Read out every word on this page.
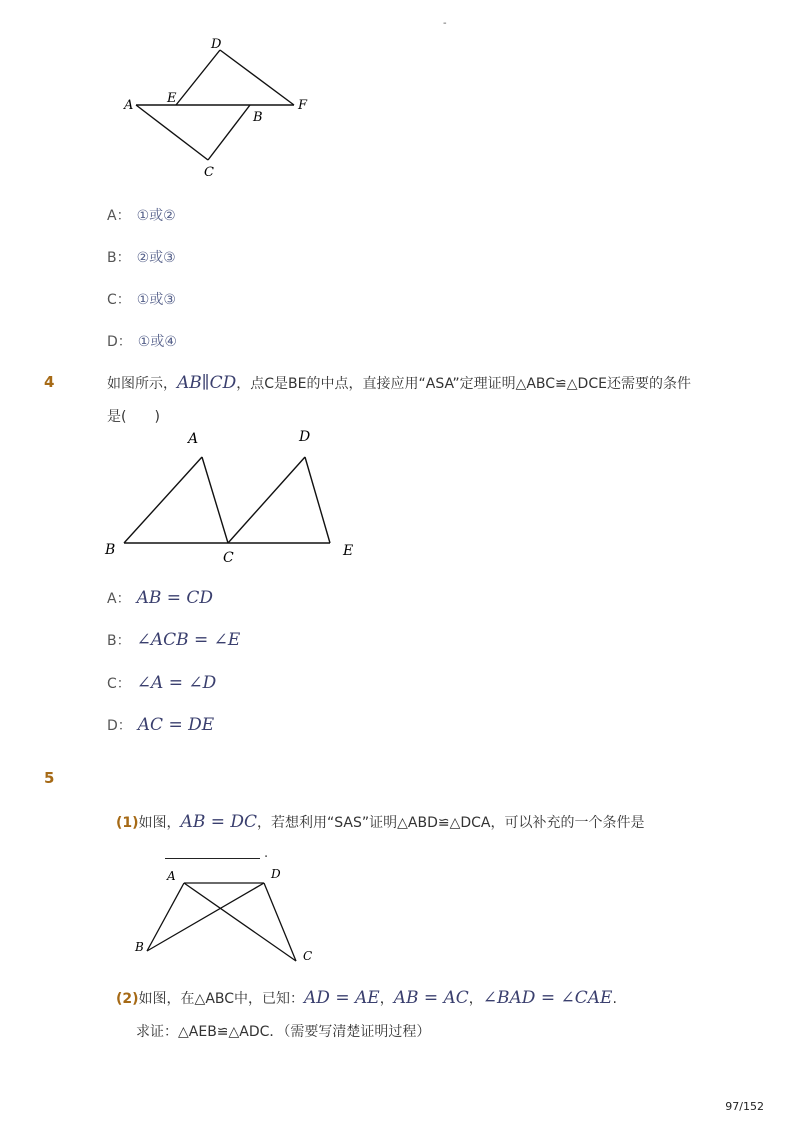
-
D
E
A
B
F
C
A： ①或②
B： ②或③
C： ①或③
D： ①或④
4	如图所示，AB∥CD，点C是BE的中点，直接应用“ASA”定理证明△ABC≌△DCE还需要的条件
是(　　)
A	D
B	C	E
A： AB = CD
B： ∠ACB = ∠E
C： ∠A = ∠D
D： AC = DE
5
(1)如图，AB = DC，若想利用“SAS”证明△ABD≌△DCA，可以补充的一个条件是
.
A	D
B
C
(2)如图，在△ABC中，已知：AD = AE，AB = AC，∠BAD = ∠CAE.
求证：△AEB≌△ADC．（需要写清楚证明过程）
97/152
